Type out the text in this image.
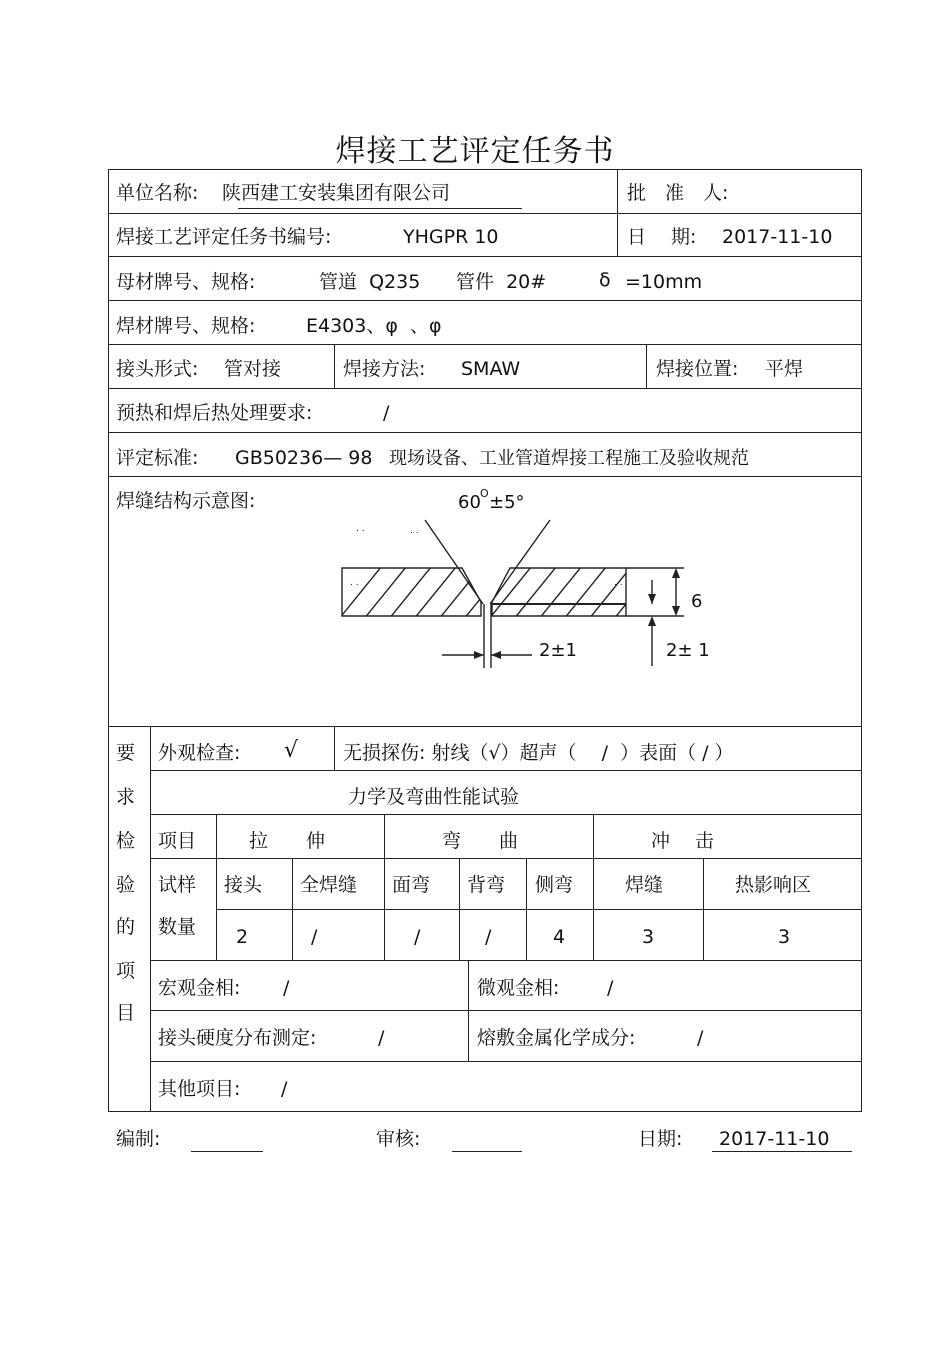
焊接工艺评定任务书
单位名称: 陕西建工安装集团有限公司	批　准　人:
焊接工艺评定任务书编号:	YHGPR 10	日　 期: 2017-11-10
母材牌号、规格:	管道  Q235 管件  20#	δ =10mm
焊材牌号、规格:	E4303、φ  、φ
接头形式: 管对接	焊接方法: SMAW	焊接位置: 平焊
预热和焊后热处理要求:	/
评定标准: GB50236— 98 现场设备、工业管道焊接工程施工及验收规范
焊缝结构示意图:	60 O ±5°
6
2±1	2± 1
. .	. .
. .	. .
要
求
检
验
的
项
目
外观检查: √ 无损探伤: 射线（√）超声（　 /  ）表面（ / ）
力学及弯曲性能试验
项目	拉　　伸	弯　　曲	冲　 击
试样
数量
接头 全焊缝 面弯 背弯 侧弯	焊缝	热影响区
2	/	/	/	4	3	3
宏观金相: /	微观金相:	/
接头硬度分布测定:	/	熔敷金属化学成分:	/
其他项目: /
编制:	审核:	日期: 2017-11-10
